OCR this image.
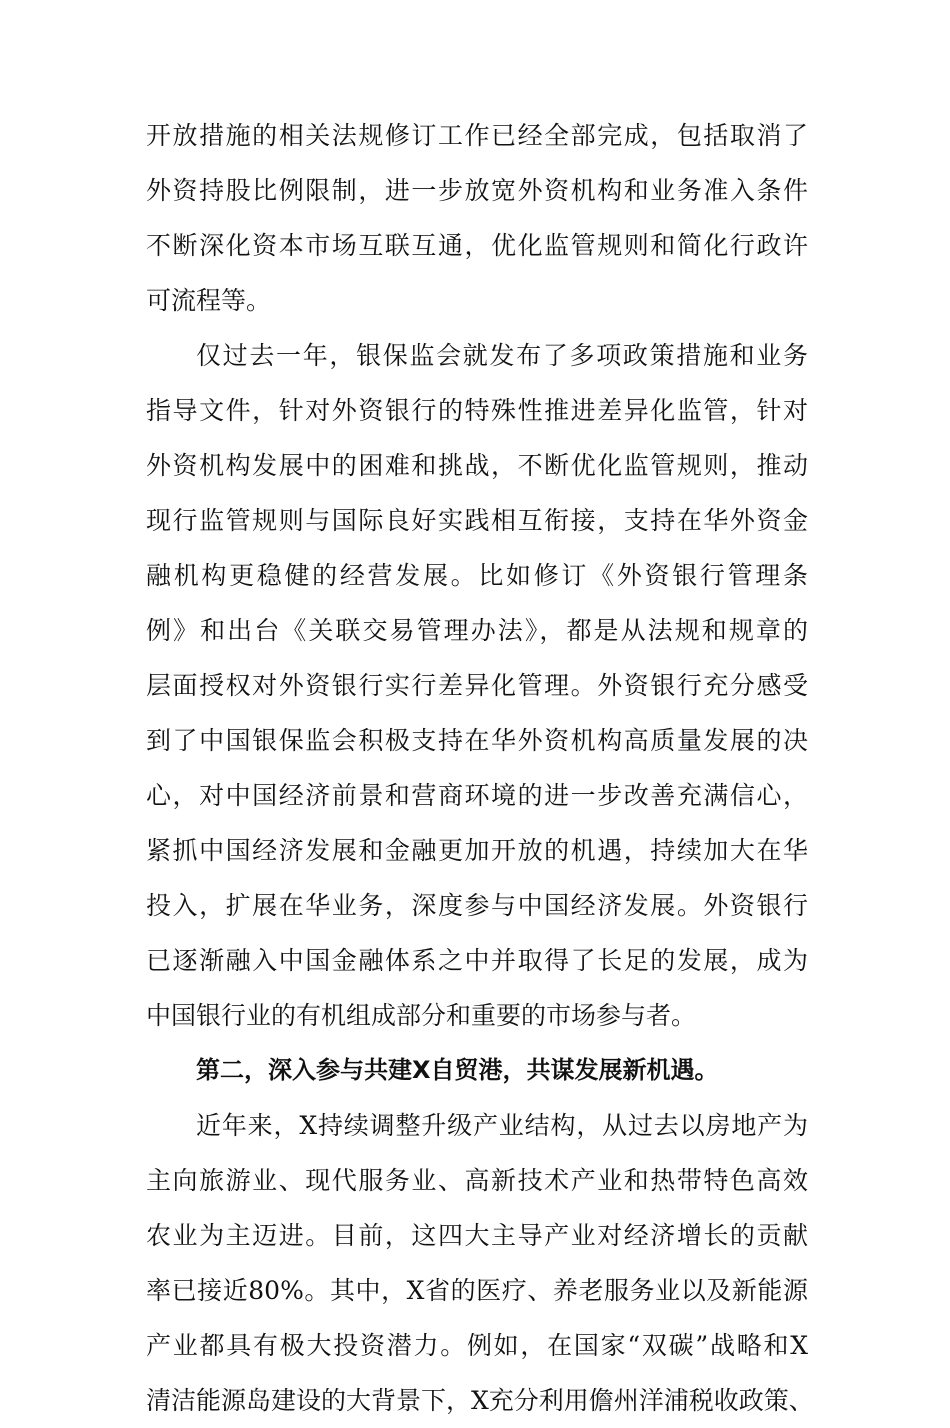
开放措施的相关法规修订工作已经全部完成，包括取消了
外资持股比例限制，进一步放宽外资机构和业务准入条件
不断深化资本市场互联互通，优化监管规则和简化行政许
可流程等。
仅过去一年，银保监会就发布了多项政策措施和业务
指导文件，针对外资银行的特殊性推进差异化监管，针对
外资机构发展中的困难和挑战，不断优化监管规则，推动
现行监管规则与国际良好实践相互衔接，支持在华外资金
融机构更稳健的经营发展。比如修订《外资银行管理条
例》和出台《关联交易管理办法》，都是从法规和规章的
层面授权对外资银行实行差异化管理。外资银行充分感受
到了中国银保监会积极支持在华外资机构高质量发展的决
心，对中国经济前景和营商环境的进一步改善充满信心，
紧抓中国经济发展和金融更加开放的机遇，持续加大在华
投入，扩展在华业务，深度参与中国经济发展。外资银行
已逐渐融入中国金融体系之中并取得了长足的发展，成为
中国银行业的有机组成部分和重要的市场参与者。
第二，深入参与共建X自贸港，共谋发展新机遇。
近年来，X持续调整升级产业结构，从过去以房地产为
主向旅游业、现代服务业、高新技术产业和热带特色高效
农业为主迈进。目前，这四大主导产业对经济增长的贡献
率已接近80%。其中，X省的医疗、养老服务业以及新能源
产业都具有极大投资潜力。例如，在国家“双碳”战略和X
清洁能源岛建设的大背景下，X充分利用儋州洋浦税收政策、
